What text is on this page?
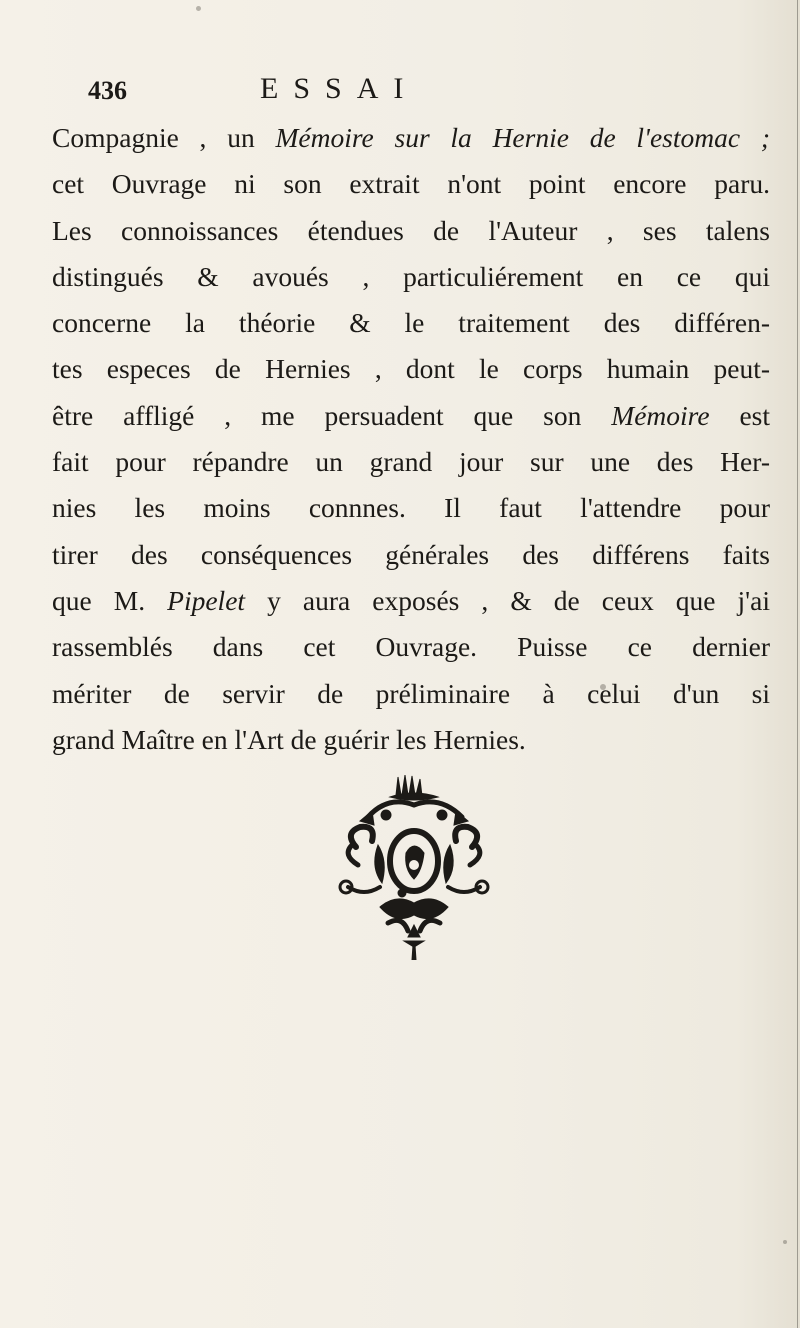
436	ESSAI
Compagnie , un Mémoire sur la Hernie de l'estomac ;
cet Ouvrage ni son extrait n'ont point encore paru.
Les connoissances étendues de l'Auteur , ses talens
distingués & avoués , particuliérement en ce qui
concerne la théorie & le traitement des différen-
tes especes de Hernies , dont le corps humain peut-
être affligé , me persuadent que son Mémoire est
fait pour répandre un grand jour sur une des Her-
nies les moins connnes. Il faut l'attendre pour
tirer des conséquences générales des différens faits
que M. Pipelet y aura exposés , & de ceux que j'ai
rassemblés dans cet Ouvrage. Puisse ce dernier
mériter de servir de préliminaire à celui d'un si
grand Maître en l'Art de guérir les Hernies.
